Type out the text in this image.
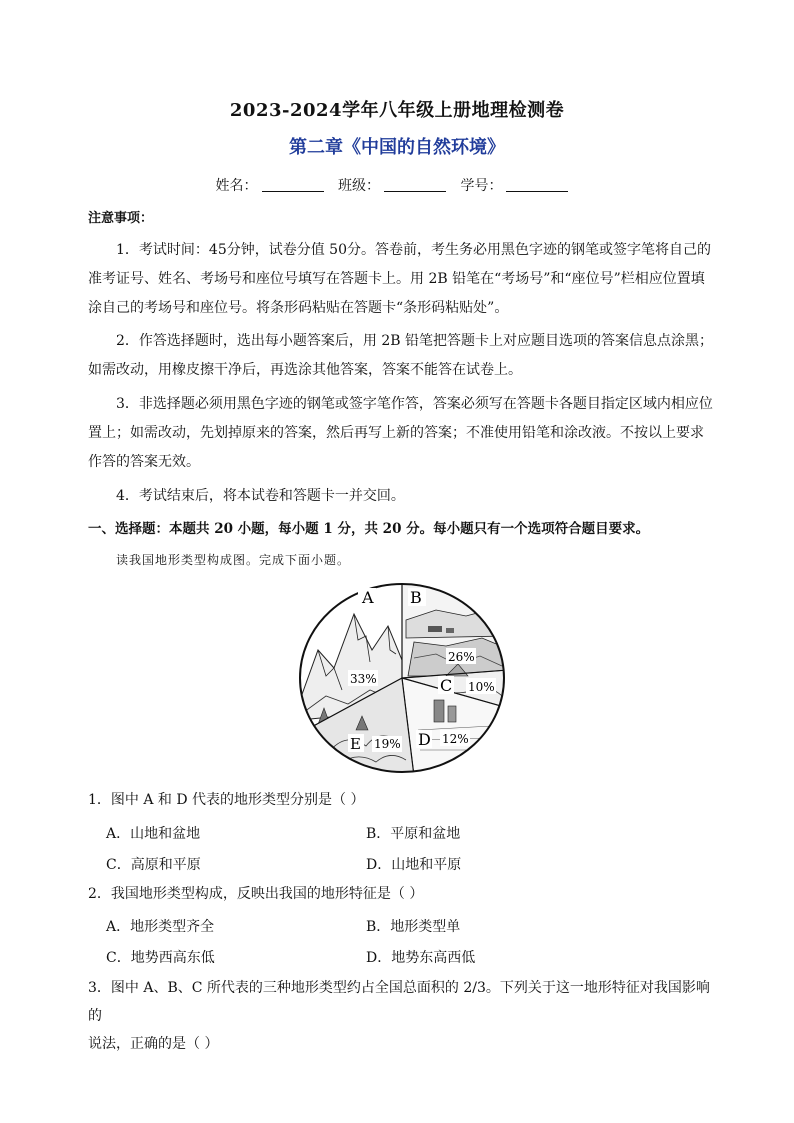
2023-2024学年八年级上册地理检测卷
第二章《中国的自然环境》
姓名：	班级：	学号：
注意事项：
1．考试时间：45分钟，试卷分值 50分。答卷前，考生务必用黑色字迹的钢笔或签字笔将自己的
准考证号、姓名、考场号和座位号填写在答题卡上。用 2B 铅笔在“考场号”和“座位号”栏相应位置填
涂自己的考场号和座位号。将条形码粘贴在答题卡“条形码粘贴处”。
2．作答选择题时，选出每小题答案后，用 2B 铅笔把答题卡上对应题目选项的答案信息点涂黑；
如需改动，用橡皮擦干净后，再选涂其他答案，答案不能答在试卷上。
3．非选择题必须用黑色字迹的钢笔或签字笔作答，答案必须写在答题卡各题目指定区域内相应位
置上；如需改动，先划掉原来的答案，然后再写上新的答案；不准使用铅笔和涂改液。不按以上要求
作答的答案无效。
4．考试结束后，将本试卷和答题卡一并交回。
一、选择题：本题共 20 小题，每小题 1 分，共 20 分。每小题只有一个选项符合题目要求。
读我国地形类型构成图。完成下面小题。
A B
26%
33%	C 10%
D 12%
E 19%
1．图中 A 和 D 代表的地形类型分别是（ ）
A．山地和盆地	B．平原和盆地
C．高原和平原	D．山地和平原
2．我国地形类型构成，反映出我国的地形特征是（ ）
A．地形类型齐全	B．地形类型单
C．地势西高东低	D．地势东高西低
3．图中 A、B、C 所代表的三种地形类型约占全国总面积的 2/3。下列关于这一地形特征对我国影响的
说法，正确的是（ ）
